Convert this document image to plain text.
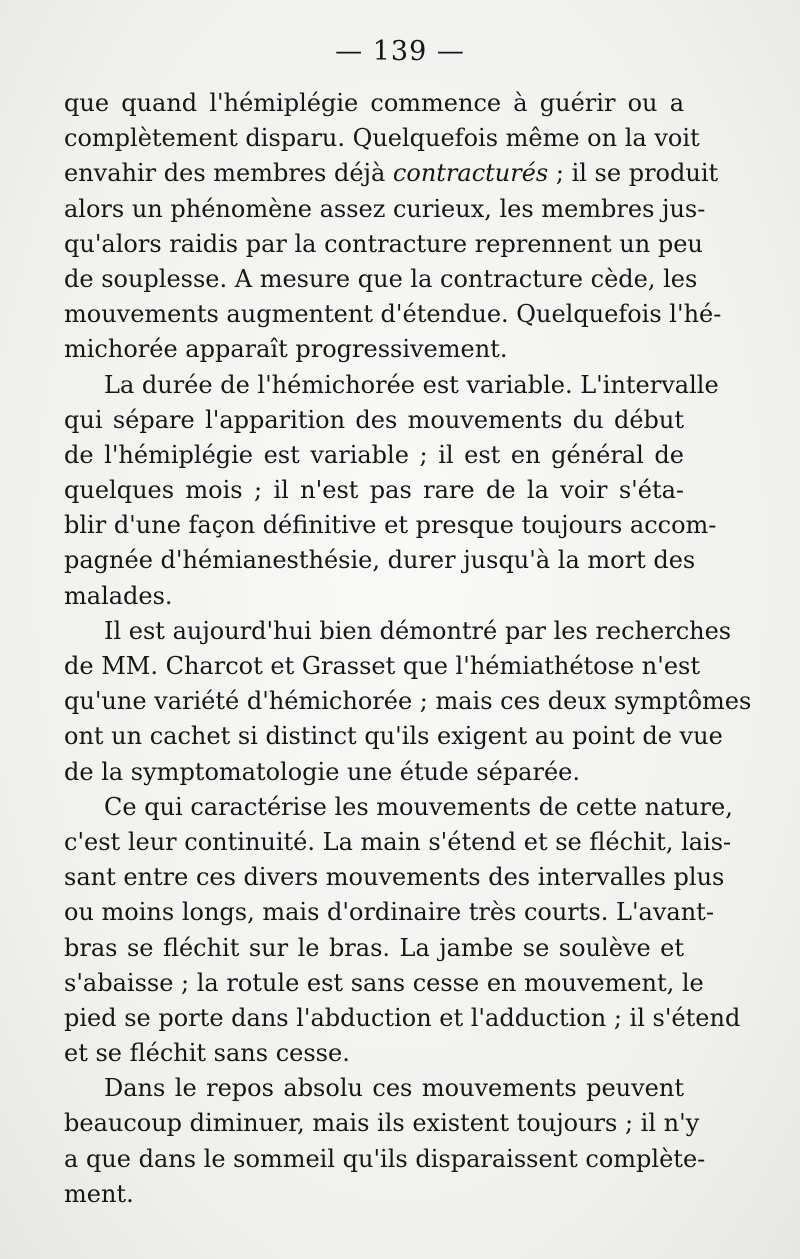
— 139 —
que quand l'hémiplégie commence à guérir ou a
complètement disparu. Quelquefois même on la voit
envahir des membres déjà contracturés ; il se produit
alors un phénomène assez curieux, les membres jus-
qu'alors raidis par la contracture reprennent un peu
de souplesse. A mesure que la contracture cède, les
mouvements augmentent d'étendue. Quelquefois l'hé-
michorée apparaît progressivement.
La durée de l'hémichorée est variable. L'intervalle
qui sépare l'apparition des mouvements du début
de l'hémiplégie est variable ; il est en général de
quelques mois ; il n'est pas rare de la voir s'éta-
blir d'une façon définitive et presque toujours accom-
pagnée d'hémianesthésie, durer jusqu'à la mort des
malades.
Il est aujourd'hui bien démontré par les recherches
de MM. Charcot et Grasset que l'hémiathétose n'est
qu'une variété d'hémichorée ; mais ces deux symptômes
ont un cachet si distinct qu'ils exigent au point de vue
de la symptomatologie une étude séparée.
Ce qui caractérise les mouvements de cette nature,
c'est leur continuité. La main s'étend et se fléchit, lais-
sant entre ces divers mouvements des intervalles plus
ou moins longs, mais d'ordinaire très courts. L'avant-
bras se fléchit sur le bras. La jambe se soulève et
s'abaisse ; la rotule est sans cesse en mouvement, le
pied se porte dans l'abduction et l'adduction ; il s'étend
et se fléchit sans cesse.
Dans le repos absolu ces mouvements peuvent
beaucoup diminuer, mais ils existent toujours ; il n'y
a que dans le sommeil qu'ils disparaissent complète-
ment.
